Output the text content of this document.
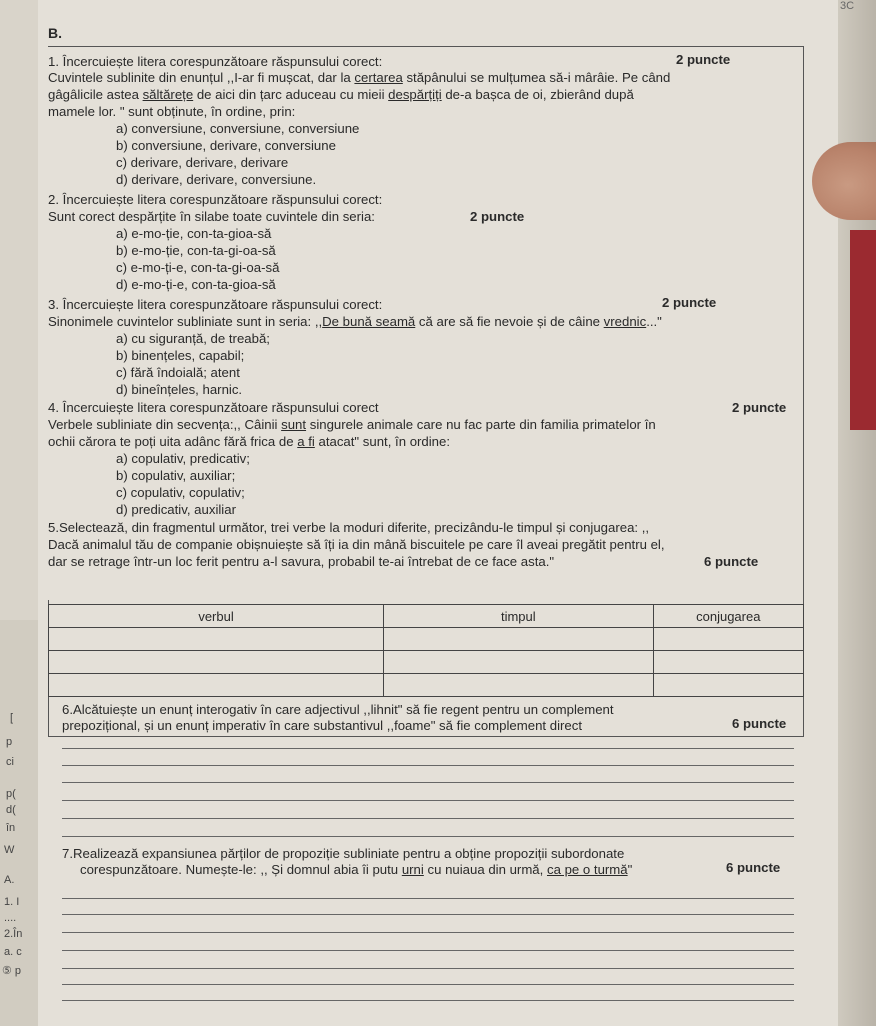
3C
B.
1. Încercuiește litera corespunzătoare răspunsului corect:	2 puncte
Cuvintele sublinite din enunțul ,,I-ar fi mușcat, dar la certarea stăpânului se mulțumea să-i mârâie. Pe când
gâgâlicile astea săltărețe de aici din țarc aduceau cu mieii despărțiți de-a bașca de oi, zbierând după
mamele lor. " sunt obținute, în ordine, prin:
a) conversiune, conversiune, conversiune
b) conversiune, derivare, conversiune
c) derivare, derivare, derivare
d) derivare, derivare, conversiune.
2. Încercuiește litera corespunzătoare răspunsului corect:
Sunt corect despărțite în silabe toate cuvintele din seria:	2 puncte
a) e-mo-ție, con-ta-gioa-să
b) e-mo-ție, con-ta-gi-oa-să
c) e-mo-ți-e, con-ta-gi-oa-să
d) e-mo-ți-e, con-ta-gioa-să
3. Încercuiește litera corespunzătoare răspunsului corect:	2 puncte
Sinonimele cuvintelor subliniate sunt in seria: ,,De bună seamă că are să fie nevoie și de câine vrednic..."
a) cu siguranță, de treabă;
b) binențeles, capabil;
c) fără îndoială; atent
d) bineînțeles, harnic.
4. Încercuiește litera corespunzătoare răspunsului corect	2 puncte
Verbele subliniate din secvența:,, Câinii sunt singurele animale care nu fac parte din familia primatelor în
ochii cărora te poți uita adânc fără frica de a fi atacat" sunt, în ordine:
a) copulativ, predicativ;
b) copulativ, auxiliar;
c) copulativ, copulativ;
d) predicativ, auxiliar
5.Selectează, din fragmentul următor, trei verbe la moduri diferite, precizându-le timpul și conjugarea: ,,
Dacă animalul tău de companie obișnuiește să îți ia din mână biscuitele pe care îl aveai pregătit pentru el,
dar se retrage într-un loc ferit pentru a-l savura, probabil te-ai întrebat de ce face asta."	6 puncte
verbul	timpul	conjugarea

6.Alcătuiește un enunț interogativ în care adjectivul ,,lihnit" să fie regent pentru un complement
prepozițional, și un enunț imperativ în care substantivul ,,foame" să fie complement direct	6 puncte
7.Realizează expansiunea părților de propoziție subliniate pentru a obține propoziții subordonate
corespunzătoare. Numește-le: ,, Și domnul abia îi putu urni cu nuiaua din urmă, ca pe o turmă"	6 puncte
[
p
ci
p(
d(
în
W
A.
1. I
....
2.În
a. c
⑤ p
